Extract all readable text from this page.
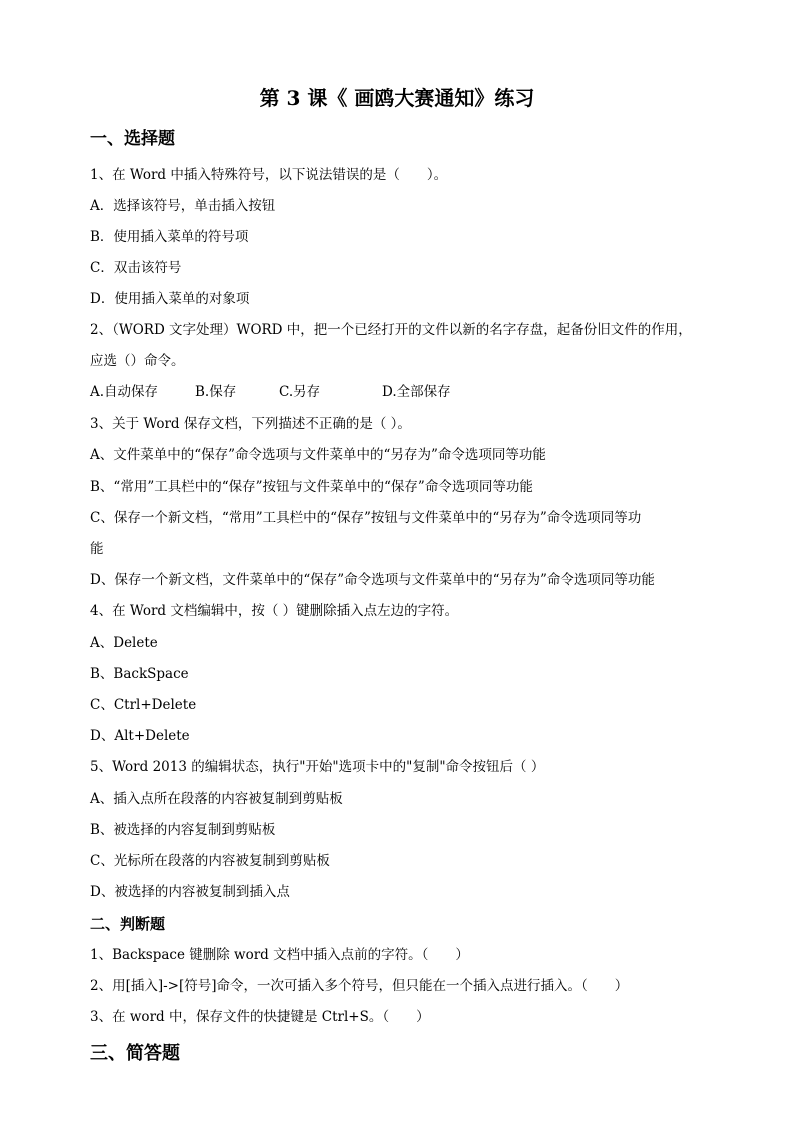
第 3 课《 画鸥大赛通知》练习
一、选择题
1、在 Word 中插入特殊符号，以下说法错误的是（　　）。
A．选择该符号，单击插入按钮
B．使用插入菜单的符号项
C．双击该符号
D．使用插入菜单的对象项
2、（WORD 文字处理）WORD 中，把一个已经打开的文件以新的名字存盘，起备份旧文件的作用，
应选（）命令。
A.自动保存	B.保存	C.另存	D.全部保存
3、关于 Word 保存文档，下列描述不正确的是（ ）。
A、文件菜单中的“保存”命令选项与文件菜单中的“另存为”命令选项同等功能
B、“常用”工具栏中的“保存”按钮与文件菜单中的“保存”命令选项同等功能
C、保存一个新文档，“常用”工具栏中的“保存”按钮与文件菜单中的“另存为”命令选项同等功
能
D、保存一个新文档，文件菜单中的“保存”命令选项与文件菜单中的“另存为”命令选项同等功能
4、在 Word 文档编辑中，按（ ）键删除插入点左边的字符。
A、Delete
B、BackSpace
C、Ctrl+Delete
D、Alt+Delete
5、Word 2013 的编辑状态，执行"开始"选项卡中的"复制"命令按钮后（ ）
A、插入点所在段落的内容被复制到剪贴板
B、被选择的内容复制到剪贴板
C、光标所在段落的内容被复制到剪贴板
D、被选择的内容被复制到插入点
二、判断题
1、Backspace 键删除 word 文档中插入点前的字符。（　　）
2、用[插入]->[符号]命令，一次可插入多个符号，但只能在一个插入点进行插入。（　　）
3、在 word 中，保存文件的快捷键是 Ctrl+S。（　　）
三、简答题
